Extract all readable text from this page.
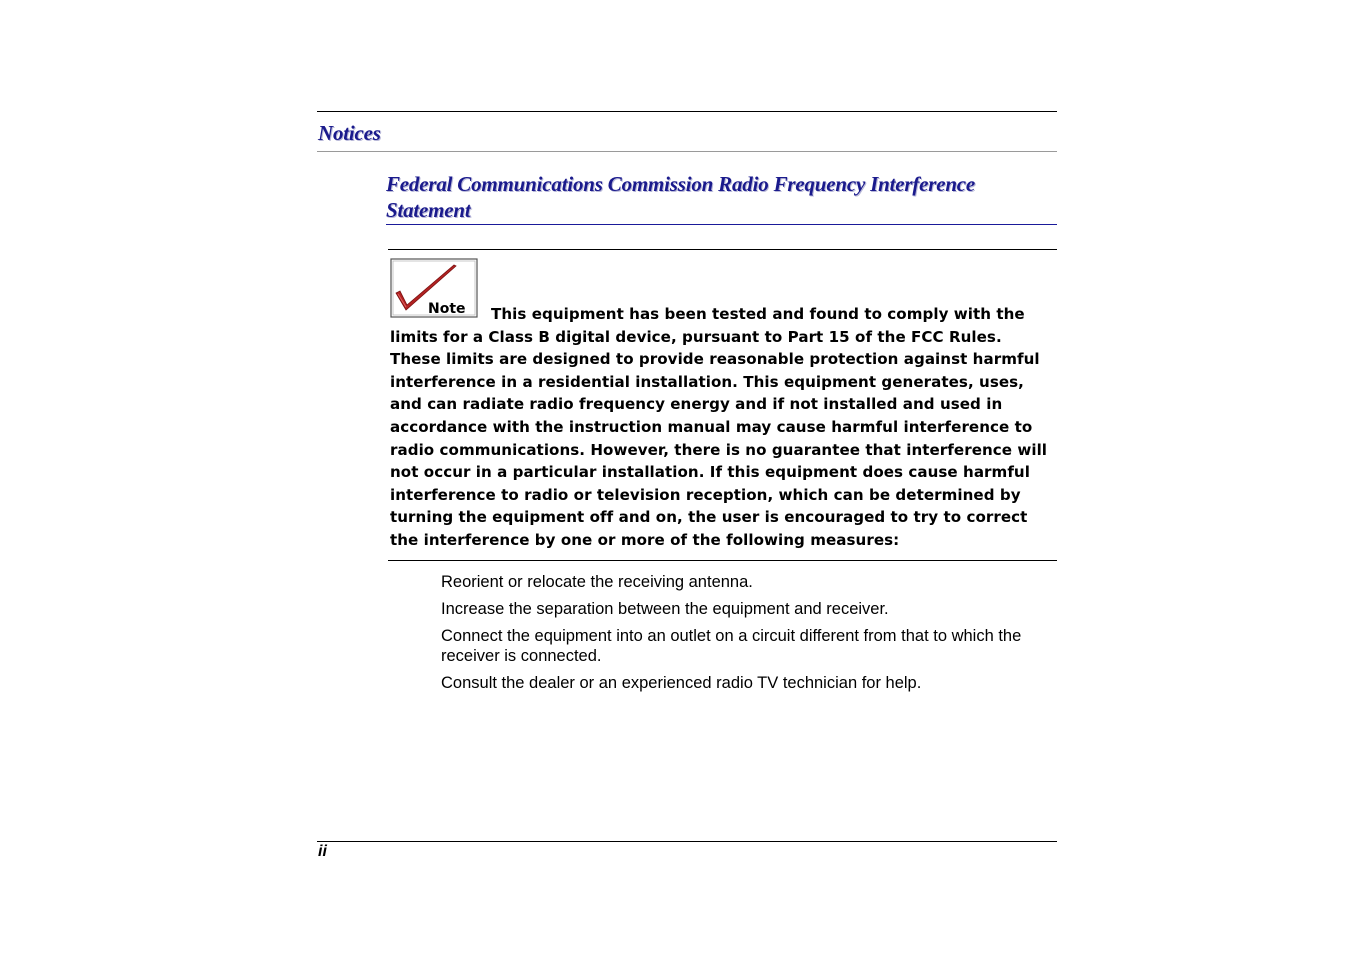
Notices
Federal Communications Commission Radio Frequency Interference Statement
Note	This equipment has been tested and found to comply with the limits for a Class B digital device, pursuant to Part 15 of the FCC Rules. These limits are designed to provide reasonable protection against harmful interference in a residential installation. This equipment generates, uses, and can radiate radio frequency energy and if not installed and used in accordance with the instruction manual may cause harmful interference to radio communications. However, there is no guarantee that interference will not occur in a particular installation. If this equipment does cause harmful interference to radio or television reception, which can be determined by turning the equipment off and on, the user is encouraged to try to correct the interference by one or more of the following measures:

Reorient or relocate the receiving antenna.
Increase the separation between the equipment and receiver.
Connect the equipment into an outlet on a circuit different from that to which the receiver is connected.
Consult the dealer or an experienced radio TV technician for help.

ii
